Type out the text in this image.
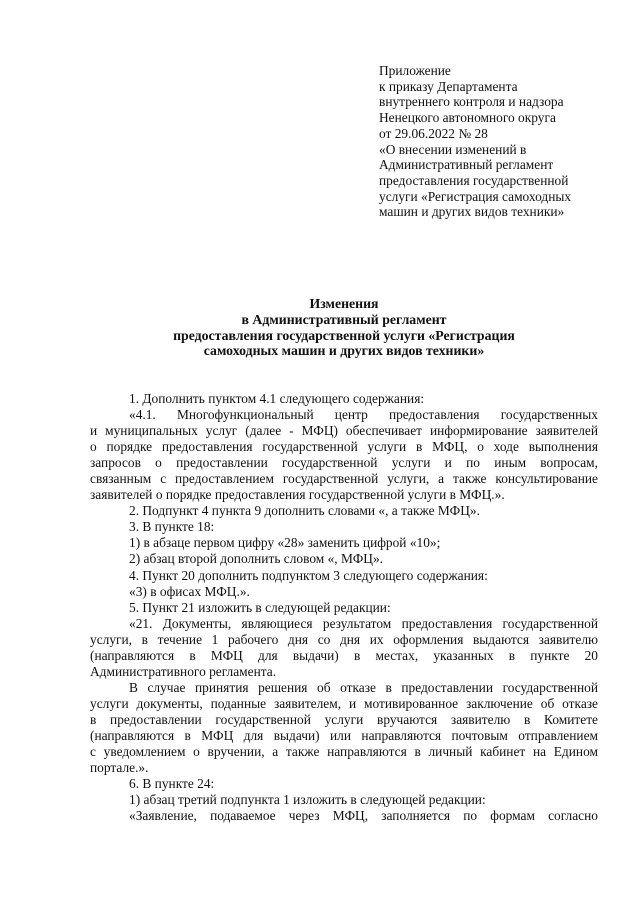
Приложение
к приказу Департамента
внутреннего контроля и надзора
Ненецкого автономного округа
от 29.06.2022 № 28
«О внесении изменений в
Административный регламент
предоставления государственной
услуги «Регистрация самоходных
машин и других видов техники»
Изменения
в Административный регламент
предоставления государственной услуги «Регистрация
самоходных машин и других видов техники»

1. Дополнить пунктом 4.1 следующего содержания:

«4.1. Многофункциональный центр предоставления государственных
и муниципальных услуг (далее - МФЦ) обеспечивает информирование заявителей
о порядке предоставления государственной услуги в МФЦ, о ходе выполнения
запросов о предоставлении государственной услуги и по иным вопросам,
связанным с предоставлением государственной услуги, а также консультирование
заявителей о порядке предоставления государственной услуги в МФЦ.».

2. Подпункт 4 пункта 9 дополнить словами «, а также МФЦ».

3. В пункте 18:

1) в абзаце первом цифру «28» заменить цифрой «10»;

2) абзац второй дополнить словом «, МФЦ».

4. Пункт 20 дополнить подпунктом 3 следующего содержания:

«3) в офисах МФЦ.».

5. Пункт 21 изложить в следующей редакции:

«21. Документы, являющиеся результатом предоставления государственной
услуги, в течение 1 рабочего дня со дня их оформления выдаются заявителю
(направляются в МФЦ для выдачи) в местах, указанных в пункте 20
Административного регламента.
В случае принятия решения об отказе в предоставлении государственной
услуги документы, поданные заявителем, и мотивированное заключение об отказе
в предоставлении государственной услуги вручаются заявителю в Комитете
(направляются в МФЦ для выдачи) или направляются почтовым отправлением
с уведомлением о вручении, а также направляются в личный кабинет на Едином
портале.».

6. В пункте 24:

1) абзац третий подпункта 1 изложить в следующей редакции:

«Заявление, подаваемое через МФЦ, заполняется по формам согласно
